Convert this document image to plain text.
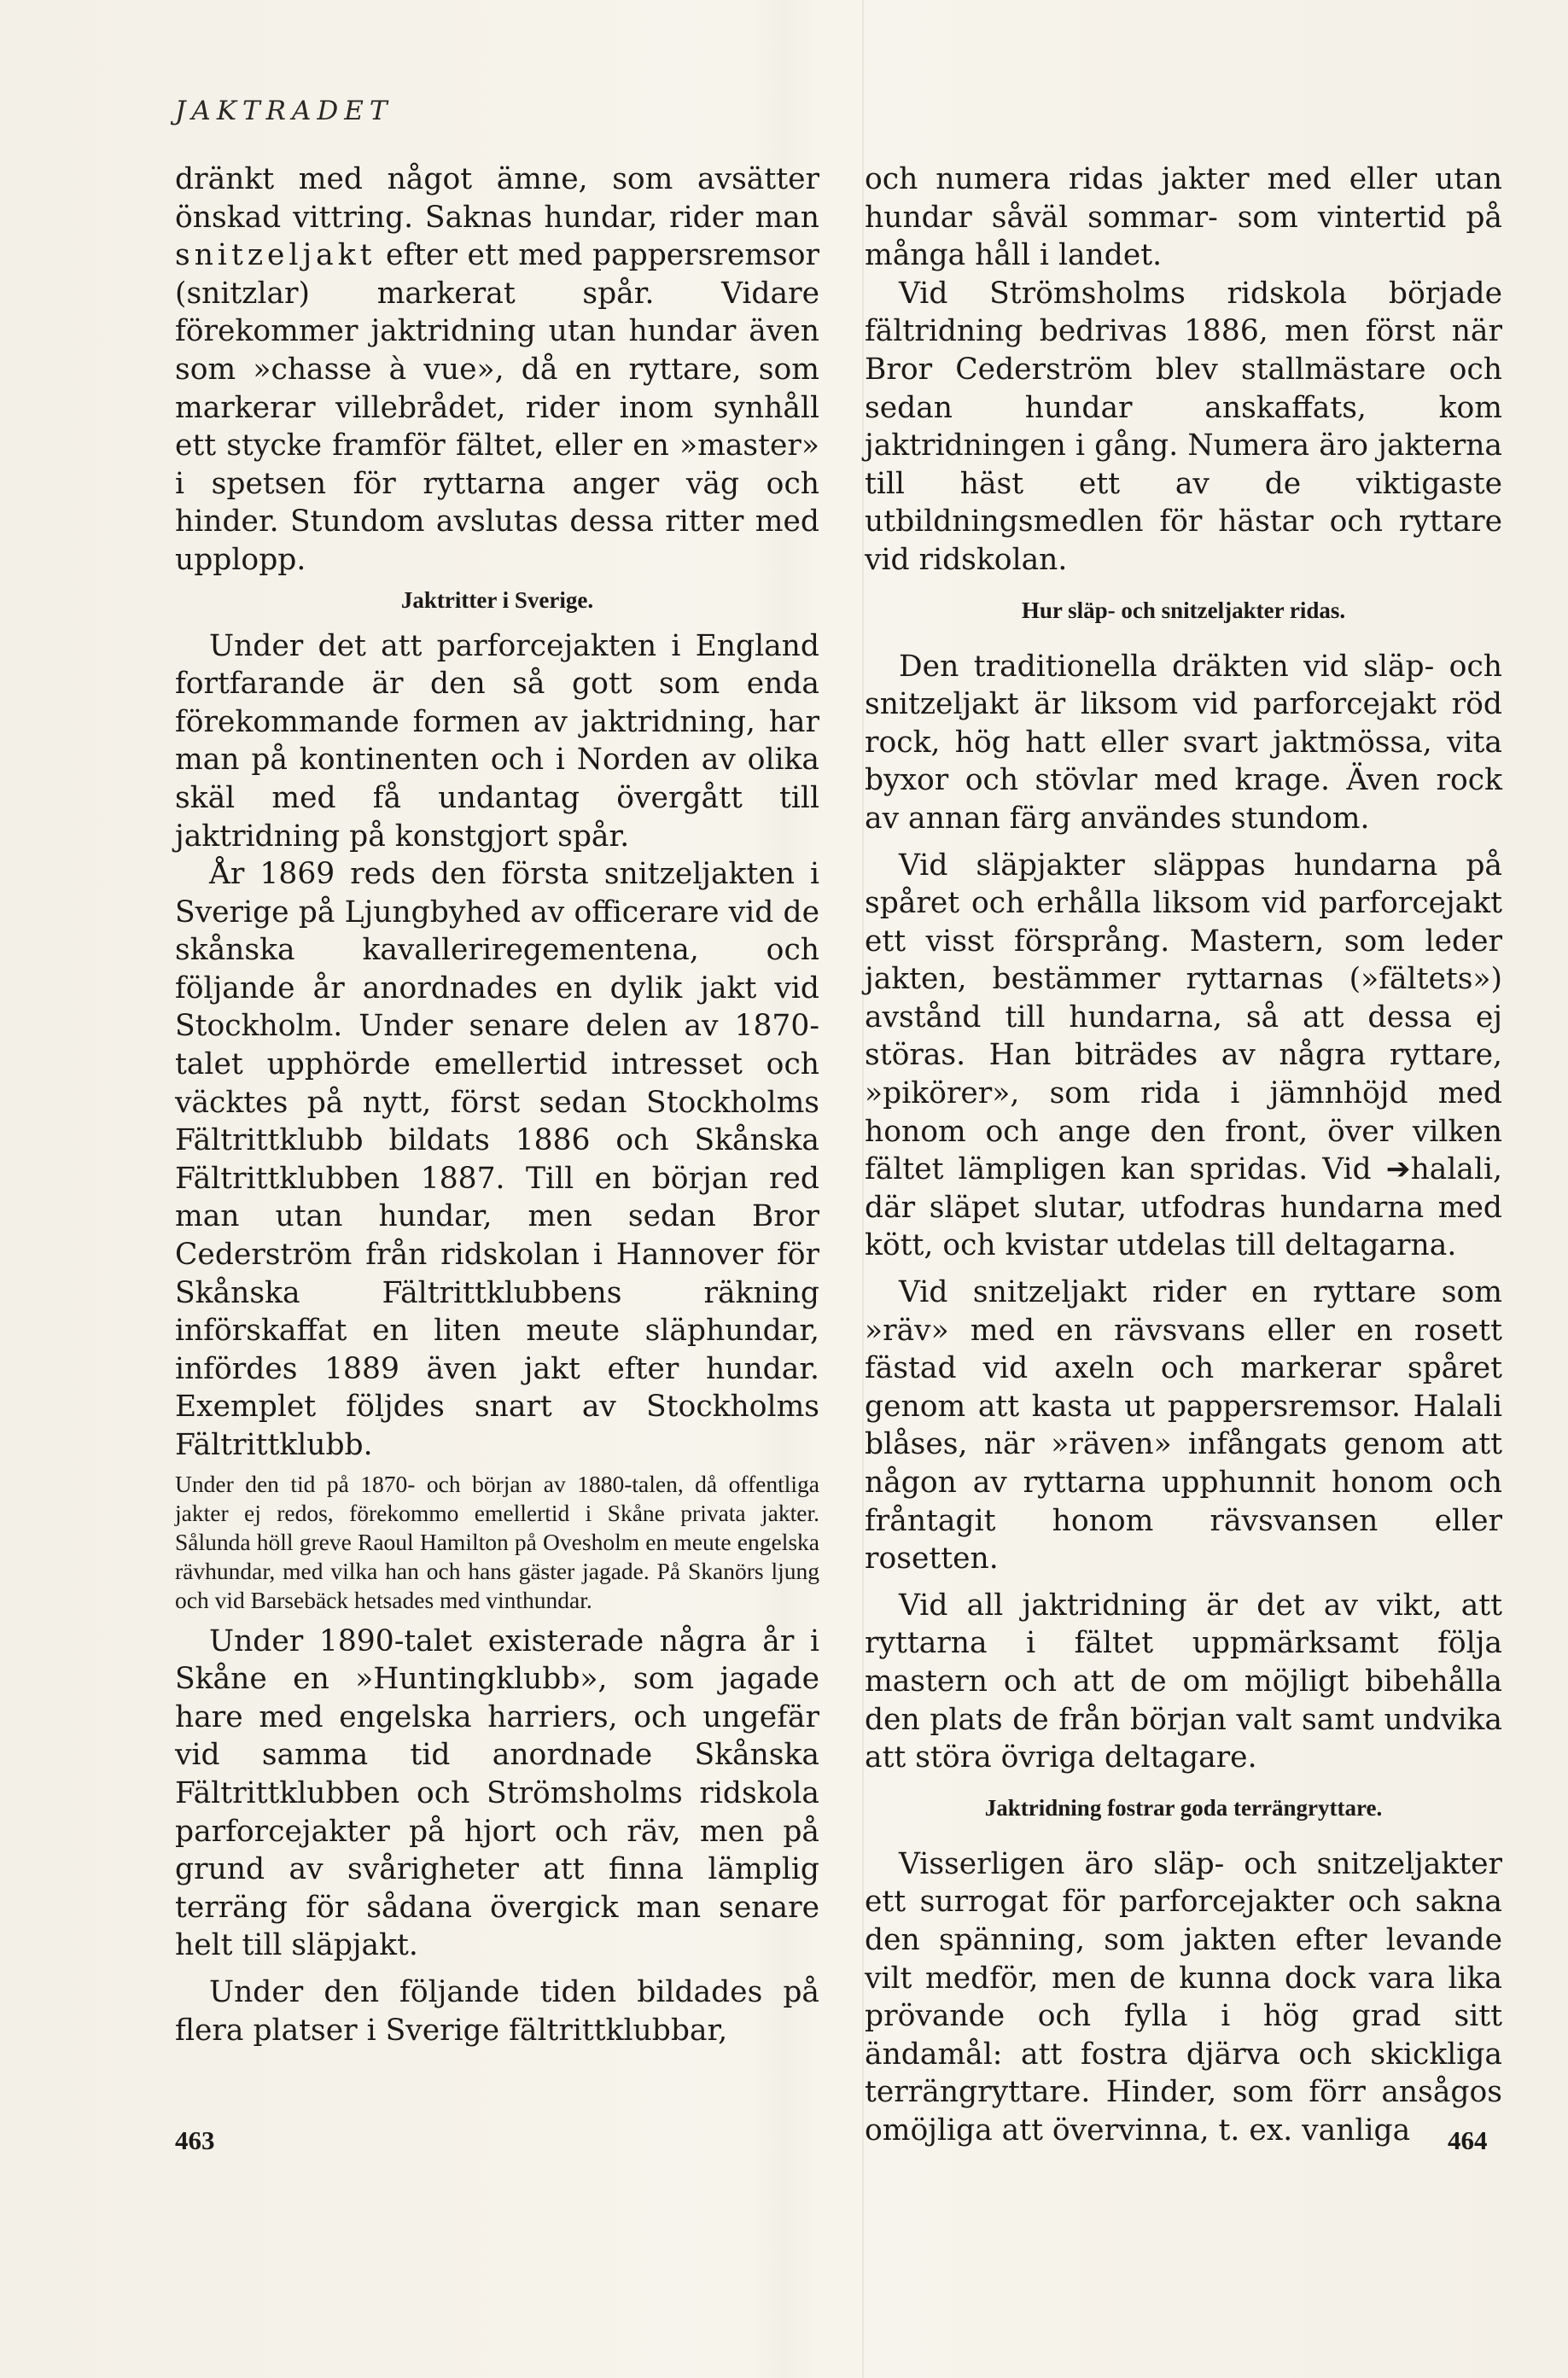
JAKTRADET

dränkt med något ämne, som avsätter önskad vittring. Saknas hundar, rider man snitzeljakt efter ett med pappersremsor (snitzlar) markerat spår. Vidare förekommer jaktridning utan hundar även som »chasse à vue», då en ryttare, som markerar villebrådet, rider inom synhåll ett stycke framför fältet, eller en »master» i spetsen för ryttarna anger väg och hinder. Stundom avslutas dessa ritter med upplopp.

Jaktritter i Sverige.

Under det att parforcejakten i England fortfarande är den så gott som enda förekommande formen av jaktridning, har man på kontinenten och i Norden av olika skäl med få undantag övergått till jaktridning på konstgjort spår.

År 1869 reds den första snitzeljakten i Sverige på Ljungbyhed av officerare vid de skånska kavalleriregementena, och följande år anordnades en dylik jakt vid Stockholm. Under senare delen av 1870-talet upphörde emellertid intresset och väcktes på nytt, först sedan Stockholms Fältrittklubb bildats 1886 och Skånska Fältrittklubben 1887. Till en början red man utan hundar, men sedan Bror Cederström från ridskolan i Hannover för Skånska Fältrittklubbens räkning införskaffat en liten meute släphundar, infördes 1889 även jakt efter hundar. Exemplet följdes snart av Stockholms Fältrittklubb.

Under den tid på 1870- och början av 1880-talen, då offentliga jakter ej redos, förekommo emellertid i Skåne privata jakter. Sålunda höll greve Raoul Hamilton på Ovesholm en meute engelska rävhundar, med vilka han och hans gäster jagade. På Skanörs ljung och vid Barsebäck hetsades med vinthundar.

Under 1890-talet existerade några år i Skåne en »Huntingklubb», som jagade hare med engelska harriers, och ungefär vid samma tid anordnade Skånska Fältrittklubben och Strömsholms ridskola parforcejakter på hjort och räv, men på grund av svårigheter att finna lämplig terräng för sådana övergick man senare helt till släpjakt.

Under den följande tiden bildades på flera platser i Sverige fältrittklubbar,

och numera ridas jakter med eller utan hundar såväl sommar- som vintertid på många håll i landet.

Vid Strömsholms ridskola började fältridning bedrivas 1886, men först när Bror Cederström blev stallmästare och sedan hundar anskaffats, kom jaktridningen i gång. Numera äro jakterna till häst ett av de viktigaste utbildningsmedlen för hästar och ryttare vid ridskolan.

Hur släp- och snitzeljakter ridas.

Den traditionella dräkten vid släp- och snitzeljakt är liksom vid parforcejakt röd rock, hög hatt eller svart jaktmössa, vita byxor och stövlar med krage. Även rock av annan färg användes stundom.

Vid släpjakter släppas hundarna på spåret och erhålla liksom vid parforcejakt ett visst försprång. Mastern, som leder jakten, bestämmer ryttarnas (»fältets») avstånd till hundarna, så att dessa ej störas. Han biträdes av några ryttare, »pikörer», som rida i jämnhöjd med honom och ange den front, över vilken fältet lämpligen kan spridas. Vid ➔halali, där släpet slutar, utfodras hundarna med kött, och kvistar utdelas till deltagarna.

Vid snitzeljakt rider en ryttare som »räv» med en rävsvans eller en rosett fästad vid axeln och markerar spåret genom att kasta ut pappersremsor. Halali blåses, när »räven» infångats genom att någon av ryttarna upphunnit honom och fråntagit honom rävsvansen eller rosetten.

Vid all jaktridning är det av vikt, att ryttarna i fältet uppmärksamt följa mastern och att de om möjligt bibehålla den plats de från början valt samt undvika att störa övriga deltagare.

Jaktridning fostrar goda terrängryttare.

Visserligen äro släp- och snitzeljakter ett surrogat för parforcejakter och sakna den spänning, som jakten efter levande vilt medför, men de kunna dock vara lika prövande och fylla i hög grad sitt ändamål: att fostra djärva och skickliga terrängryttare. Hinder, som förr ansågos omöjliga att övervinna, t. ex. vanliga

463	464
